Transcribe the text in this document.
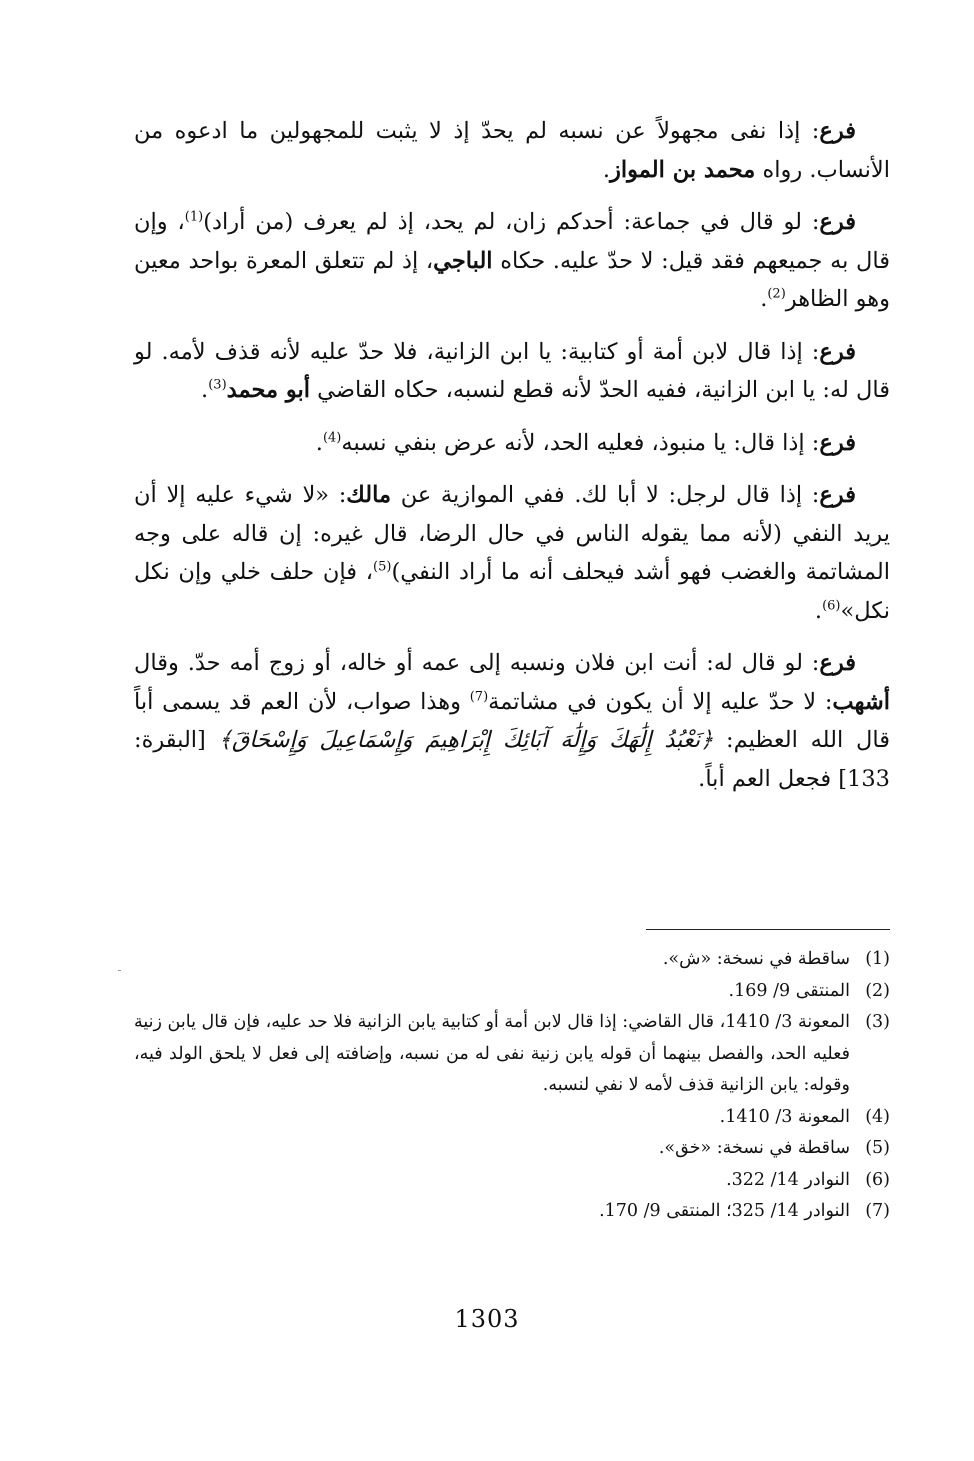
فرع: إذا نفى مجهولاً عن نسبه لم يحدّ إذ لا يثبت للمجهولين ما ادعوه من الأنساب. رواه محمد بن المواز.

فرع: لو قال في جماعة: أحدكم زان، لم يحد، إذ لم يعرف (من أراد)$^{(1)}$، وإن قال به جميعهم فقد قيل: لا حدّ عليه. حكاه الباجي، إذ لم تتعلق المعرة بواحد معين وهو الظاهر$^{(2)}$.

فرع: إذا قال لابن أمة أو كتابية: يا ابن الزانية، فلا حدّ عليه لأنه قذف لأمه. لو قال له: يا ابن الزانية، ففيه الحدّ لأنه قطع لنسبه، حكاه القاضي أبو محمد$^{(3)}$.

فرع: إذا قال: يا منبوذ، فعليه الحد، لأنه عرض بنفي نسبه$^{(4)}$.

فرع: إذا قال لرجل: لا أبا لك. ففي الموازية عن مالك: «لا شيء عليه إلا أن يريد النفي (لأنه مما يقوله الناس في حال الرضا، قال غيره: إن قاله على وجه المشاتمة والغضب فهو أشد فيحلف أنه ما أراد النفي)$^{(5)}$، فإن حلف خلي وإن نكل نكل»$^{(6)}$.

فرع: لو قال له: أنت ابن فلان ونسبه إلى عمه أو خاله، أو زوج أمه حدّ. وقال أشهب: لا حدّ عليه إلا أن يكون في مشاتمة$^{(7)}$ وهذا صواب، لأن العم قد يسمى أباً قال الله العظيم: ﴿نَعْبُدُ إِلَٰهَكَ وَإِلَٰهَ آبَائِكَ إِبْرَاهِيمَ وَإِسْمَاعِيلَ وَإِسْحَاقَ﴾ [البقرة: 133] فجعل العم أباً.

(1)
ساقطة في نسخة: «ش».
(2)
المنتقى 9/ 169.
(3)
المعونة 3/ 1410، قال القاضي: إذا قال لابن أمة أو كتابية يابن الزانية فلا حد عليه، فإن قال يابن زنية فعليه الحد، والفصل بينهما أن قوله يابن زنية نفى له من نسبه، وإضافته إلى فعل لا يلحق الولد فيه، وقوله: يابن الزانية قذف لأمه لا نفي لنسبه.
(4)
المعونة 3/ 1410.
(5)
ساقطة في نسخة: «خق».
(6)
النوادر 14/ 322.
(7)
النوادر 14/ 325؛ المنتقى 9/ 170.
1303
